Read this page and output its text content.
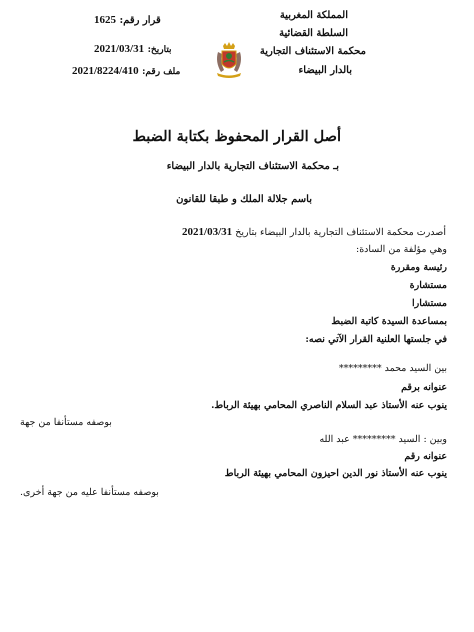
المملكة المغربية
السلطة القضائية
محكمة الاستئناف التجارية
بالدار البيضاء
قرار رقم: 1625
بتاريخ: 2021/03/31
ملف رقم: 2021/8224/410
أصل القرار المحفوظ بكتابة الضبط
بـ محكمة الاستئناف التجارية بالدار البيضاء
باسم جلالة الملك و طبقا للقانون
أصدرت محكمة الاستئناف التجارية بالدار البيضاء بتاريخ 2021/03/31
وهي مؤلفة من السادة:
رئيسة ومقررة
مستشارة
مستشارا
بمساعدة السيدة كاتبة الضبط
في جلستها العلنية القرار الآتي نصه:
بين السيد محمد *********
عنوانه برقم
ينوب عنه الأستاذ عبد السلام الناصري المحامي بهيئة الرباط.
بوصفه مستأنفا من جهة
وبين : السيد ********* عبد الله
عنوانه رقم
ينوب عنه الأستاذ نور الدين احيزون المحامي بهيئة الرباط
بوصفه مستأنفا عليه من جهة أخرى.
